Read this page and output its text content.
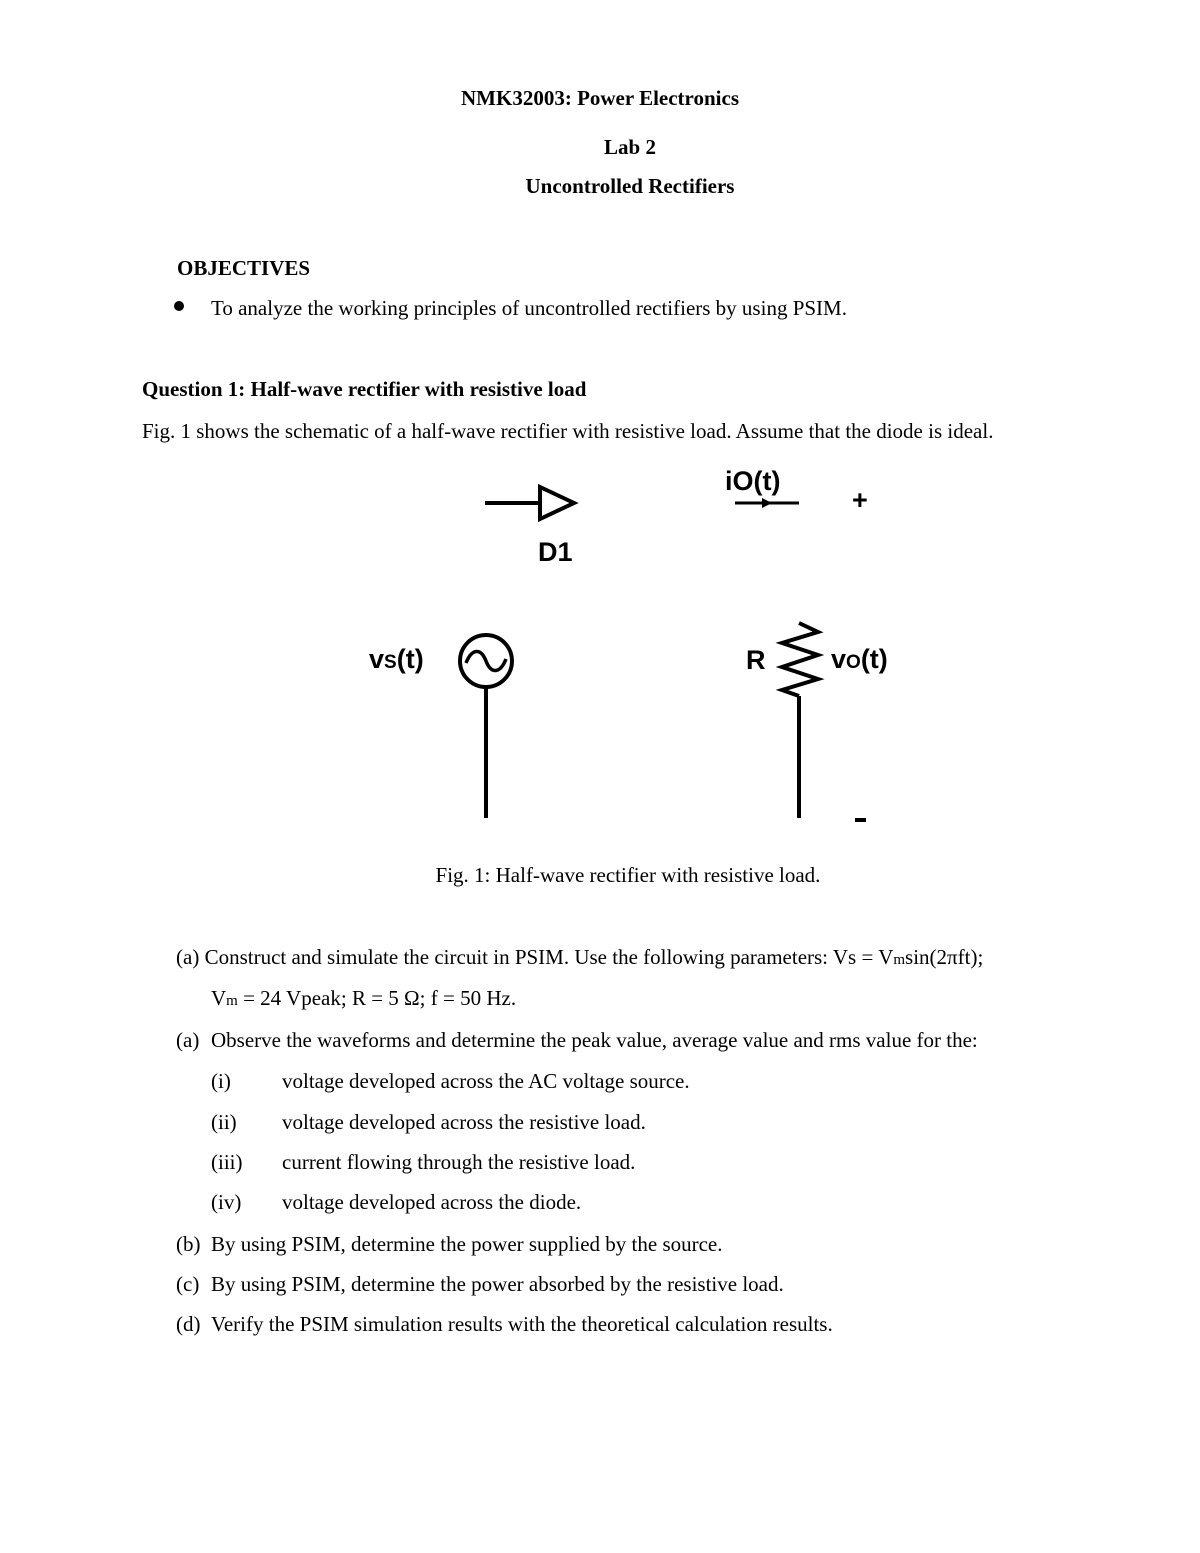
NMK32003: Power Electronics
Lab 2
Uncontrolled Rectifiers
OBJECTIVES
To analyze the working principles of uncontrolled rectifiers by using PSIM.
Question 1: Half-wave rectifier with resistive load
Fig. 1 shows the schematic of a half-wave rectifier with resistive load. Assume that the diode is ideal.
D1
iO(t)
+
vS(t)	R vO(t)
Fig. 1: Half-wave rectifier with resistive load.
(a) Construct and simulate the circuit in PSIM. Use the following parameters: Vs = Vmsin(2πft);
Vm = 24 Vpeak; R = 5 Ω; f = 50 Hz.
(a) Observe the waveforms and determine the peak value, average value and rms value for the:
(i) voltage developed across the AC voltage source.
(ii) voltage developed across the resistive load.
(iii) current flowing through the resistive load.
(iv) voltage developed across the diode.
(b) By using PSIM, determine the power supplied by the source.
(c) By using PSIM, determine the power absorbed by the resistive load.
(d) Verify the PSIM simulation results with the theoretical calculation results.
